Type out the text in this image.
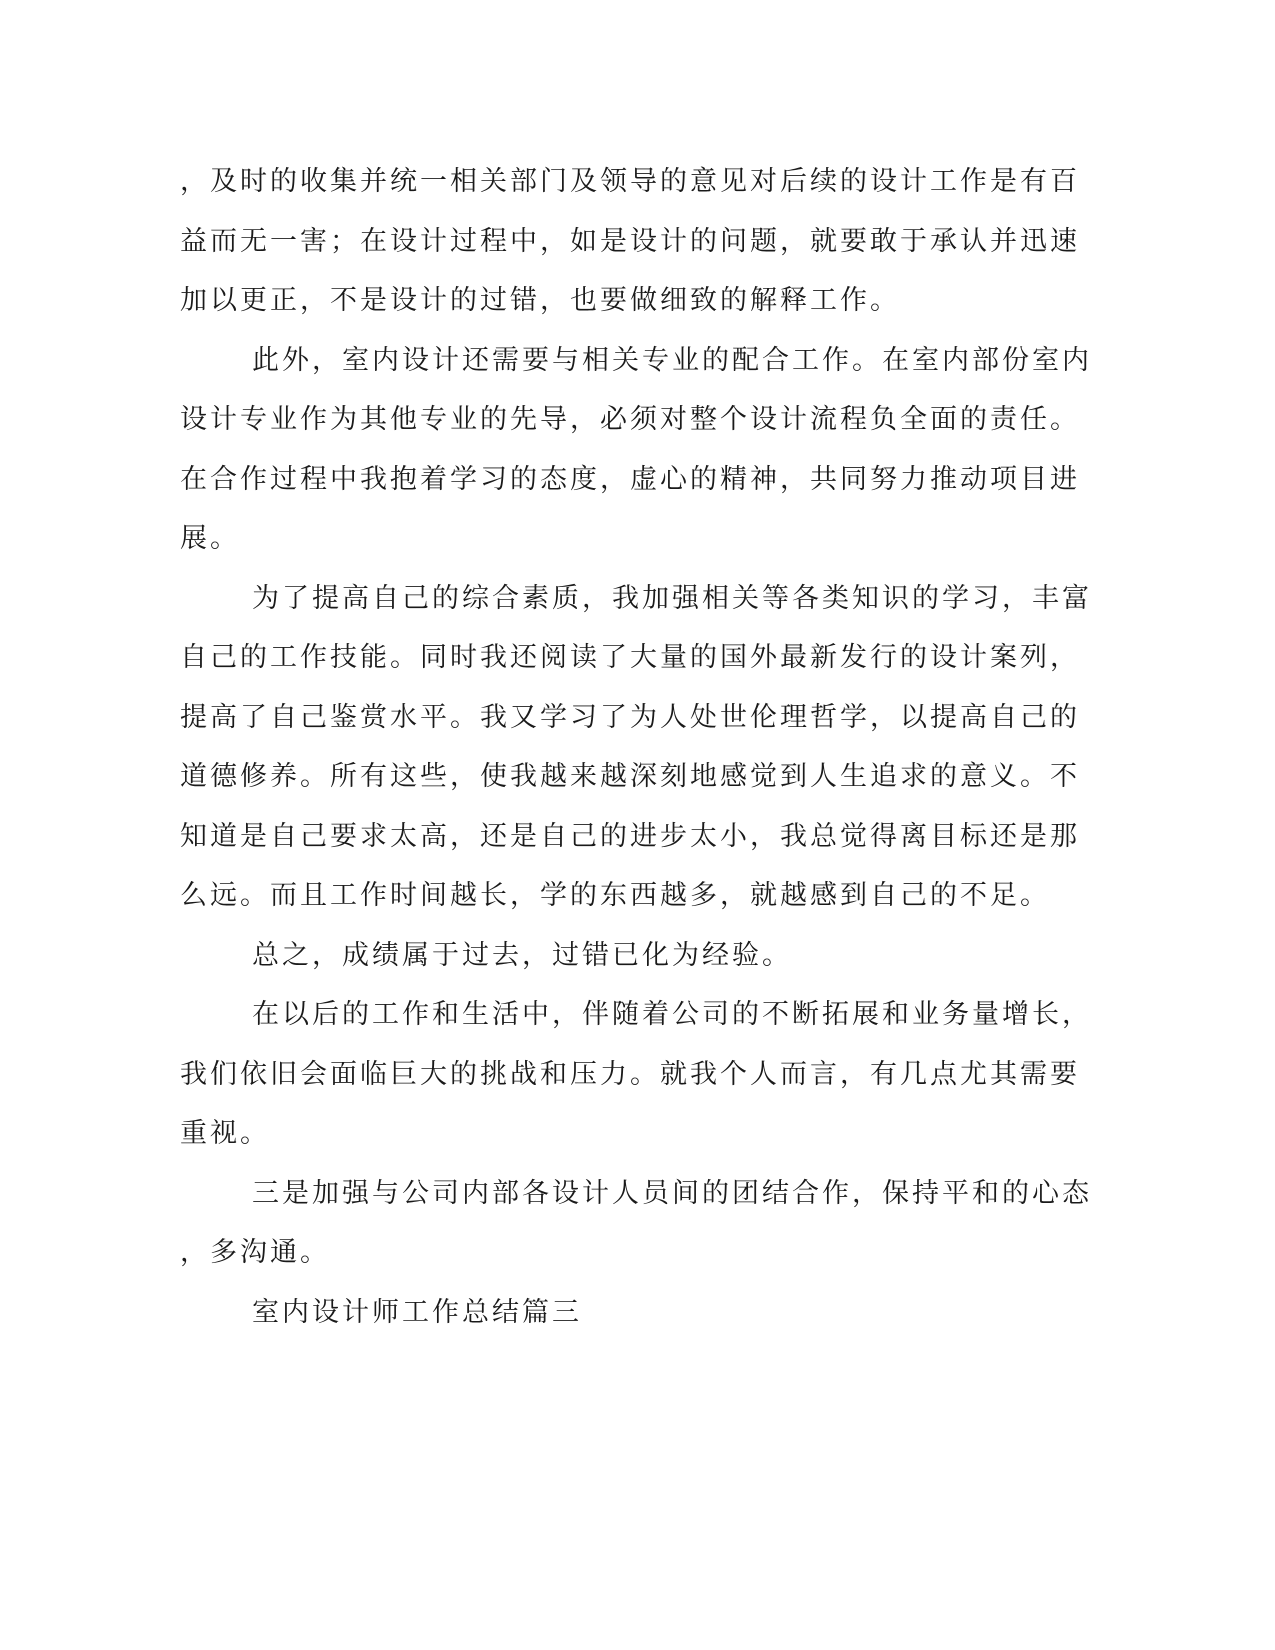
，及时的收集并统一相关部门及领导的意见对后续的设计工作是有百
益而无一害；在设计过程中，如是设计的问题，就要敢于承认并迅速
加以更正，不是设计的过错，也要做细致的解释工作。
此外，室内设计还需要与相关专业的配合工作。在室内部份室内
设计专业作为其他专业的先导，必须对整个设计流程负全面的责任。
在合作过程中我抱着学习的态度，虚心的精神，共同努力推动项目进
展。
为了提高自己的综合素质，我加强相关等各类知识的学习，丰富
自己的工作技能。同时我还阅读了大量的国外最新发行的设计案列，
提高了自己鉴赏水平。我又学习了为人处世伦理哲学，以提高自己的
道德修养。所有这些，使我越来越深刻地感觉到人生追求的意义。不
知道是自己要求太高，还是自己的进步太小，我总觉得离目标还是那
么远。而且工作时间越长，学的东西越多，就越感到自己的不足。
总之，成绩属于过去，过错已化为经验。
在以后的工作和生活中，伴随着公司的不断拓展和业务量增长，
我们依旧会面临巨大的挑战和压力。就我个人而言，有几点尤其需要
重视。
三是加强与公司内部各设计人员间的团结合作，保持平和的心态
，多沟通。
室内设计师工作总结篇三
